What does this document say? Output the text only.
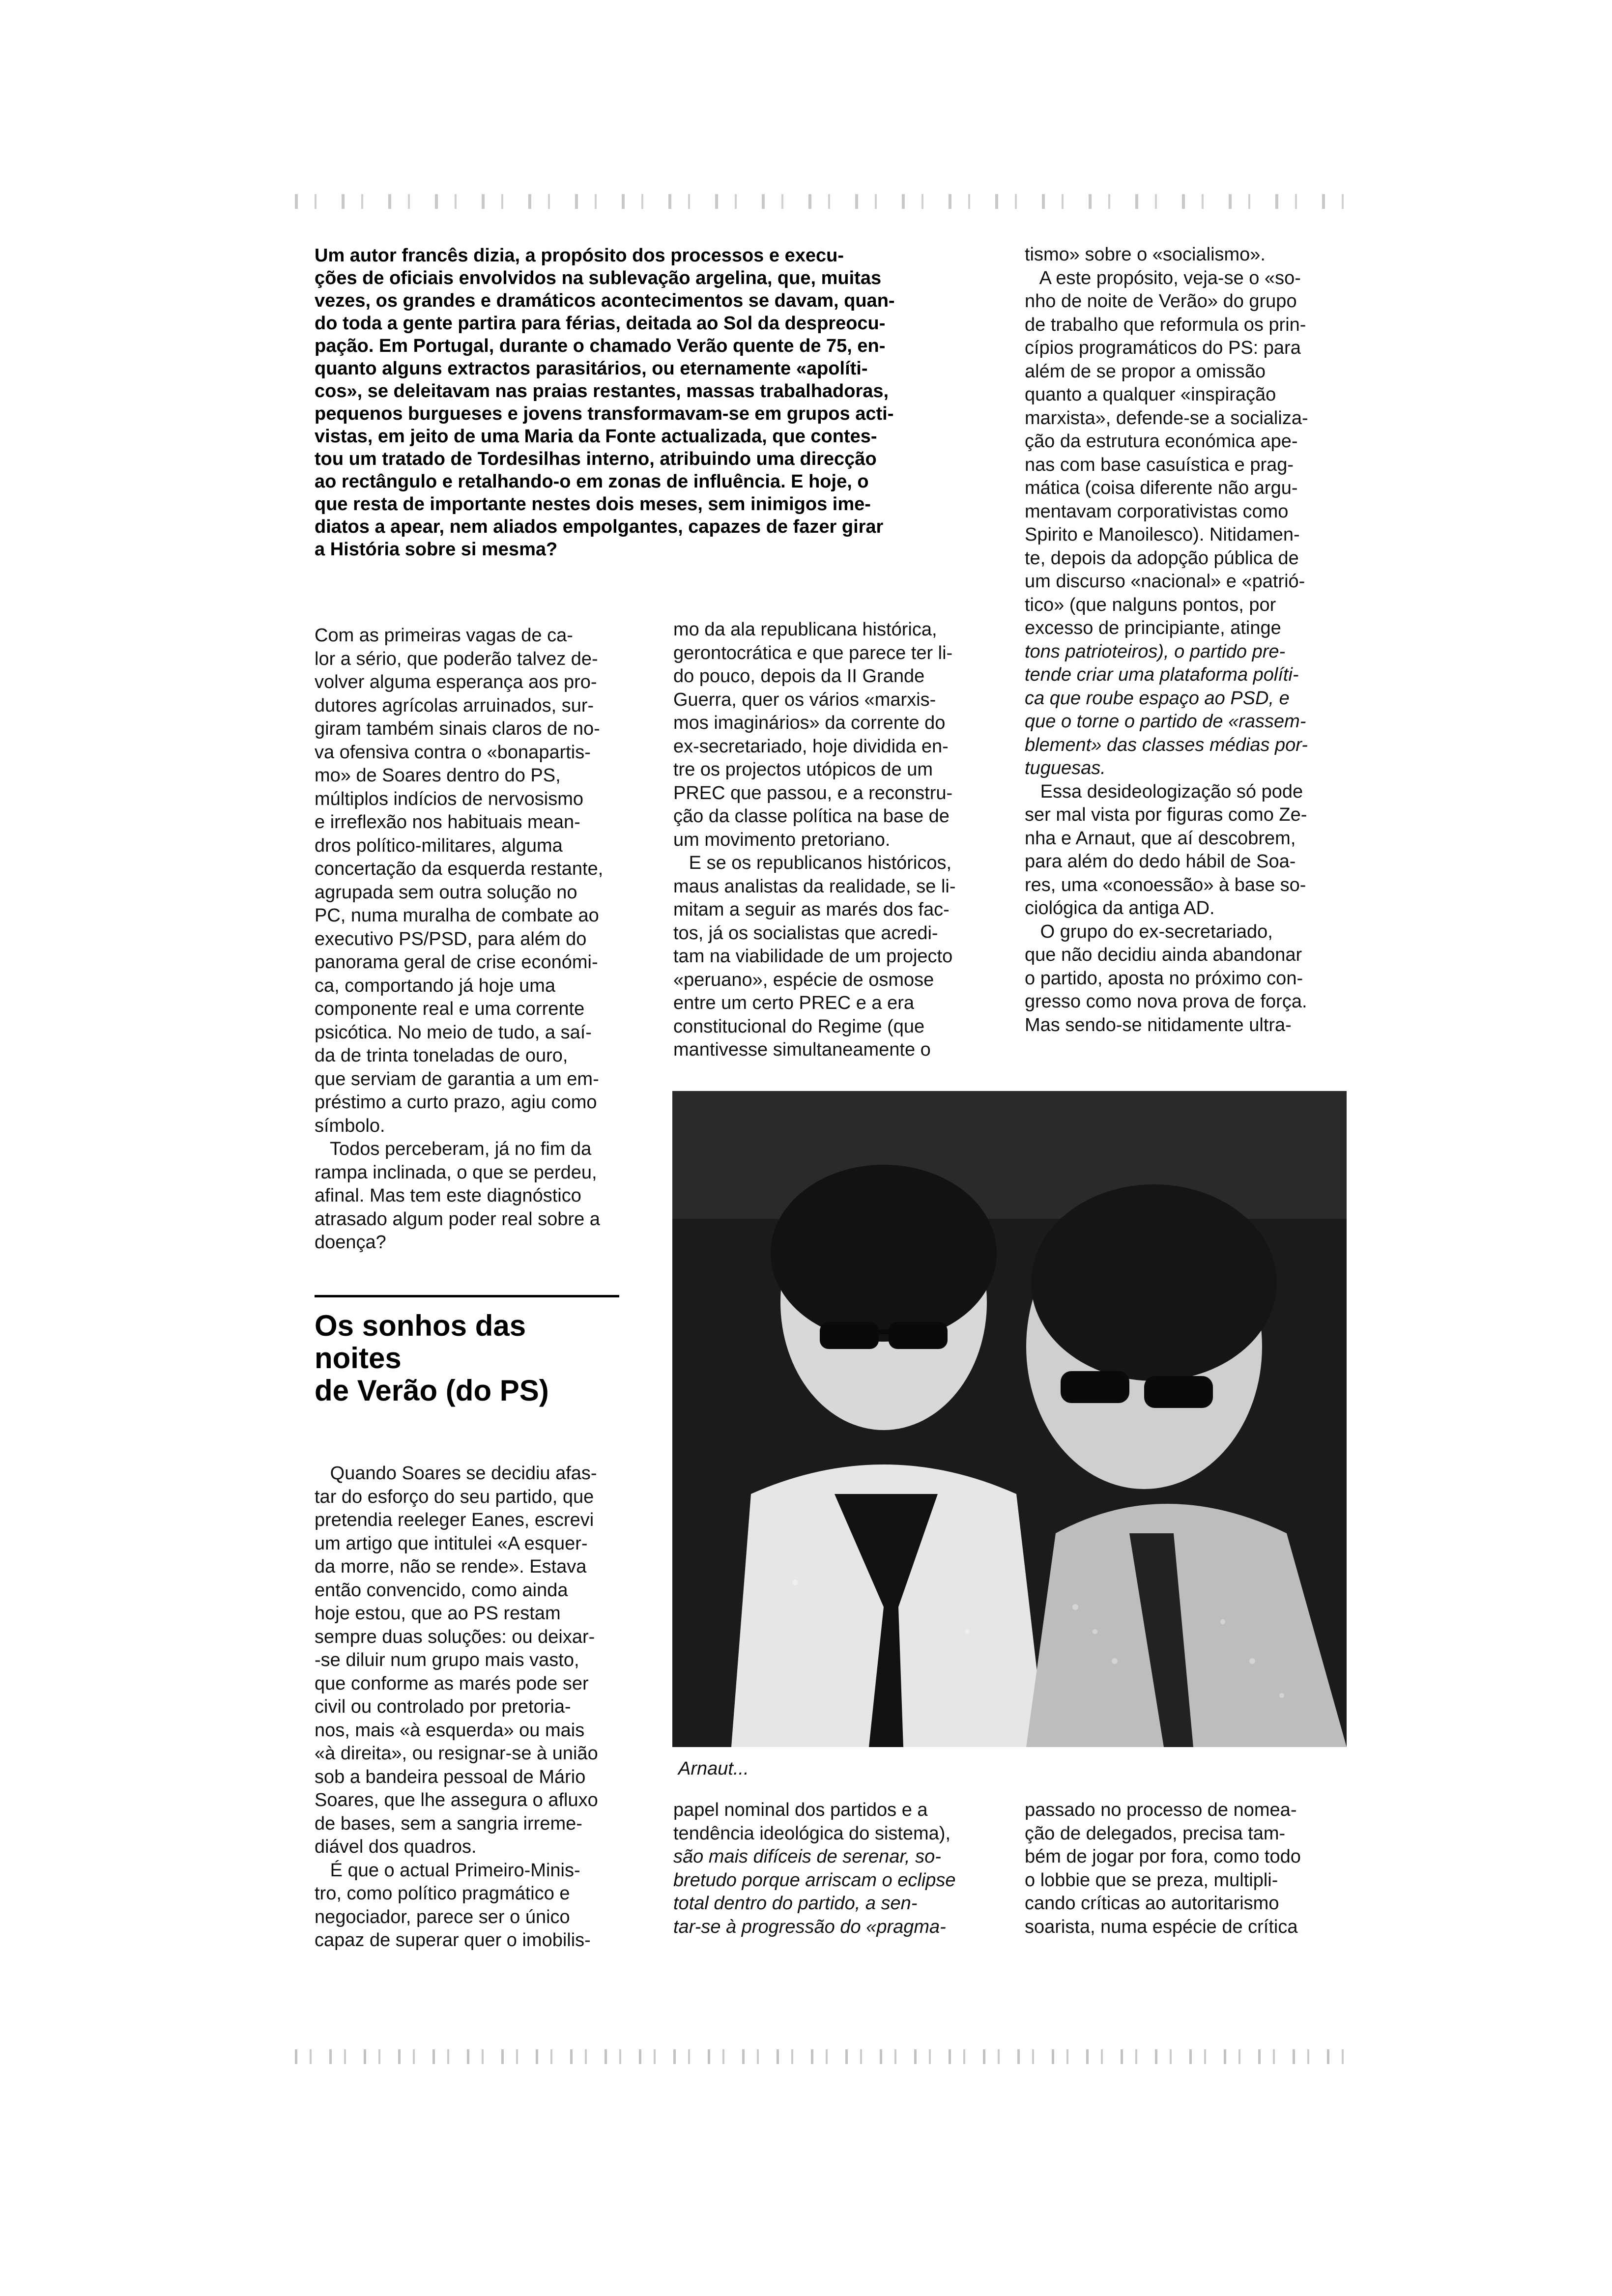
Um autor francês dizia, a propósito dos processos e execu-

ções de oficiais envolvidos na sublevação argelina, que, muitas

vezes, os grandes e dramáticos acontecimentos se davam, quan-

do toda a gente partira para férias, deitada ao Sol da despreocu-

pação. Em Portugal, durante o chamado Verão quente de 75, en-

quanto alguns extractos parasitários, ou eternamente «apolíti-

cos», se deleitavam nas praias restantes, massas trabalhadoras,

pequenos burgueses e jovens transformavam-se em grupos acti-

vistas, em jeito de uma Maria da Fonte actualizada, que contes-

tou um tratado de Tordesilhas interno, atribuindo uma direcção

ao rectângulo e retalhando-o em zonas de influência. E hoje, o

que resta de importante nestes dois meses, sem inimigos ime-

diatos a apear, nem aliados empolgantes, capazes de fazer girar

a História sobre si mesma?

Com as primeiras vagas de ca-

lor a sério, que poderão talvez de-

volver alguma esperança aos pro-

dutores agrícolas arruinados, sur-

giram também sinais claros de no-

va ofensiva contra o «bonapartis-

mo» de Soares dentro do PS,

múltiplos indícios de nervosismo

e irreflexão nos habituais mean-

dros político-militares, alguma

concertação da esquerda restante,

agrupada sem outra solução no

PC, numa muralha de combate ao

executivo PS/PSD, para além do

panorama geral de crise económi-

ca, comportando já hoje uma

componente real e uma corrente

psicótica. No meio de tudo, a saí-

da de trinta toneladas de ouro,

que serviam de garantia a um em-

préstimo a curto prazo, agiu como

símbolo.

Todos perceberam, já no fim da

rampa inclinada, o que se perdeu,

afinal. Mas tem este diagnóstico

atrasado algum poder real sobre a

doença?

Os sonhos das

noites

de Verão (do PS)

Quando Soares se decidiu afas-

tar do esforço do seu partido, que

pretendia reeleger Eanes, escrevi

um artigo que intitulei «A esquer-

da morre, não se rende». Estava

então convencido, como ainda

hoje estou, que ao PS restam

sempre duas soluções: ou deixar-

-se diluir num grupo mais vasto,

que conforme as marés pode ser

civil ou controlado por pretoria-

nos, mais «à esquerda» ou mais

«à direita», ou resignar-se à união

sob a bandeira pessoal de Mário

Soares, que lhe assegura o afluxo

de bases, sem a sangria irreme-

diável dos quadros.

É que o actual Primeiro-Minis-

tro, como político pragmático e

negociador, parece ser o único

capaz de superar quer o imobilis-

mo da ala republicana histórica,

gerontocrática e que parece ter li-

do pouco, depois da II Grande

Guerra, quer os vários «marxis-

mos imaginários» da corrente do

ex-secretariado, hoje dividida en-

tre os projectos utópicos de um

PREC que passou, e a reconstru-

ção da classe política na base de

um movimento pretoriano.

E se os republicanos históricos,

maus analistas da realidade, se li-

mitam a seguir as marés dos fac-

tos, já os socialistas que acredi-

tam na viabilidade de um projecto

«peruano», espécie de osmose

entre um certo PREC e a era

constitucional do Regime (que

mantivesse simultaneamente o

Arnaut...

papel nominal dos partidos e a

tendência ideológica do sistema),

são mais difíceis de serenar, so-

bretudo porque arriscam o eclipse

total dentro do partido, a sen-

tar-se à progressão do «pragma-

tismo» sobre o «socialismo».

A este propósito, veja-se o «so-

nho de noite de Verão» do grupo

de trabalho que reformula os prin-

cípios programáticos do PS: para

além de se propor a omissão

quanto a qualquer «inspiração

marxista», defende-se a socializa-

ção da estrutura económica ape-

nas com base casuística e prag-

mática (coisa diferente não argu-

mentavam corporativistas como

Spirito e Manoilesco). Nitidamen-

te, depois da adopção pública de

um discurso «nacional» e «patrió-

tico» (que nalguns pontos, por

excesso de principiante, atinge

tons patrioteiros), o partido pre-

tende criar uma plataforma políti-

ca que roube espaço ao PSD, e

que o torne o partido de «rassem-

blement» das classes médias por-

tuguesas.

Essa desideologização só pode

ser mal vista por figuras como Ze-

nha e Arnaut, que aí descobrem,

para além do dedo hábil de Soa-

res, uma «conoessão» à base so-

ciológica da antiga AD.

O grupo do ex-secretariado,

que não decidiu ainda abandonar

o partido, aposta no próximo con-

gresso como nova prova de força.

Mas sendo-se nitidamente ultra-

passado no processo de nomea-

ção de delegados, precisa tam-

bém de jogar por fora, como todo

o lobbie que se preza, multipli-

cando críticas ao autoritarismo

soarista, numa espécie de crítica
